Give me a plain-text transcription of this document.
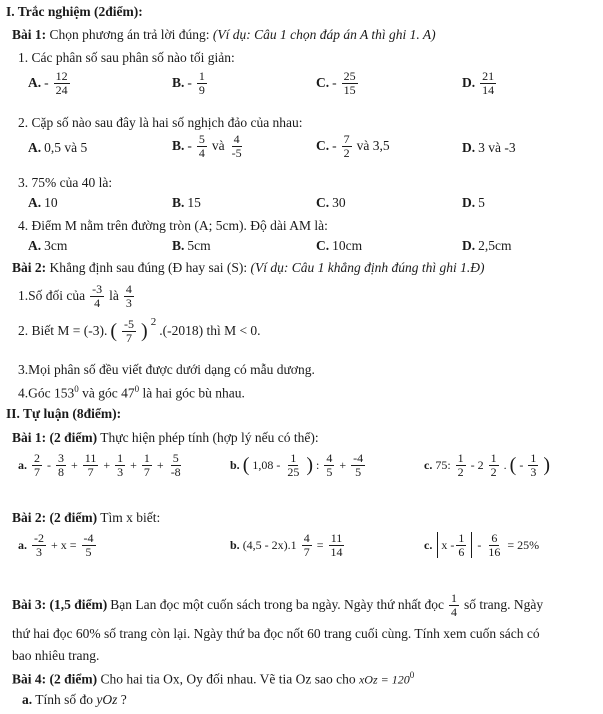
I. Trắc nghiệm (2điểm):
Bài 1: Chọn phương án trả lời đúng: (Ví dụ: Câu 1 chọn đáp án A thì ghi 1. A)
1. Các phân số sau phân số nào tối giản:
A. - $\frac{12}{24}$	B. - $\frac{1}{9}$	C. - $\frac{25}{15}$	D. $\frac{21}{14}$
2. Cặp số nào sau đây là hai số nghịch đảo của nhau:
A. 0,5 và 5	B. - $\frac{5}{4}$ và $\frac{4}{-5}$	C. - $\frac{7}{2}$ và 3,5	D. 3 và -3
3. 75% của 40 là:
A. 10	B. 15	C. 30	D. 5
4. Điểm M nằm trên đường tròn (A; 5cm). Độ dài AM là:
A. 3cm	B. 5cm	C. 10cm	D. 2,5cm
Bài 2: Khẳng định sau đúng (Đ hay sai (S): (Ví dụ: Câu 1 khẳng định đúng thì ghi 1.Đ)
1.Số đối của $\frac{-3}{4}$ là $\frac{4}{3}$
2. Biết M = (-3). ( $\frac{-5}{7}$ ) 2
.(-2018) thì M < 0.
3.Mọi phân số đều viết được dưới dạng có mẫu dương.
4.Góc $153^0$ và góc $47^0$ là hai góc bù nhau.
II. Tự luận (8điểm):
Bài 1: (2 điểm) Thực hiện phép tính (hợp lý nếu có thể):
a. $\frac{2}{7} - \frac{3}{8} + \frac{11}{7} + \frac{1}{3} + \frac{1}{7} + \frac{5}{-8}$	b. ( $1,08 - \frac{1}{25}$ ) : $\frac{4}{5} + \frac{-4}{5}$	c. 75: $\frac{1}{2} - 2 \frac{1}{2}$ . ( - $\frac{1}{3}$ )
Bài 2: (2 điểm) Tìm x biết:
a. $\frac{-2}{3} + x = \frac{-4}{5}$	b. $(4,5 - 2x).1 \frac{4}{7} = \frac{11}{14}$	c. $x - \frac{1}{6} - \frac{6}{16} = 25\%$
Bài 3: (1,5 điểm) Bạn Lan đọc một cuốn sách trong ba ngày. Ngày thứ nhất đọc $\frac{1}{4}$ số trang. Ngày
thứ hai đọc 60% số trang còn lại. Ngày thứ ba đọc nốt 60 trang cuối cùng. Tính xem cuốn sách có
bao nhiêu trang.
Bài 4: (2 điểm) Cho hai tia Ox, Oy đối nhau. Vẽ tia Oz sao cho xOz = $120^0$
a. Tính số đo yOz ?
